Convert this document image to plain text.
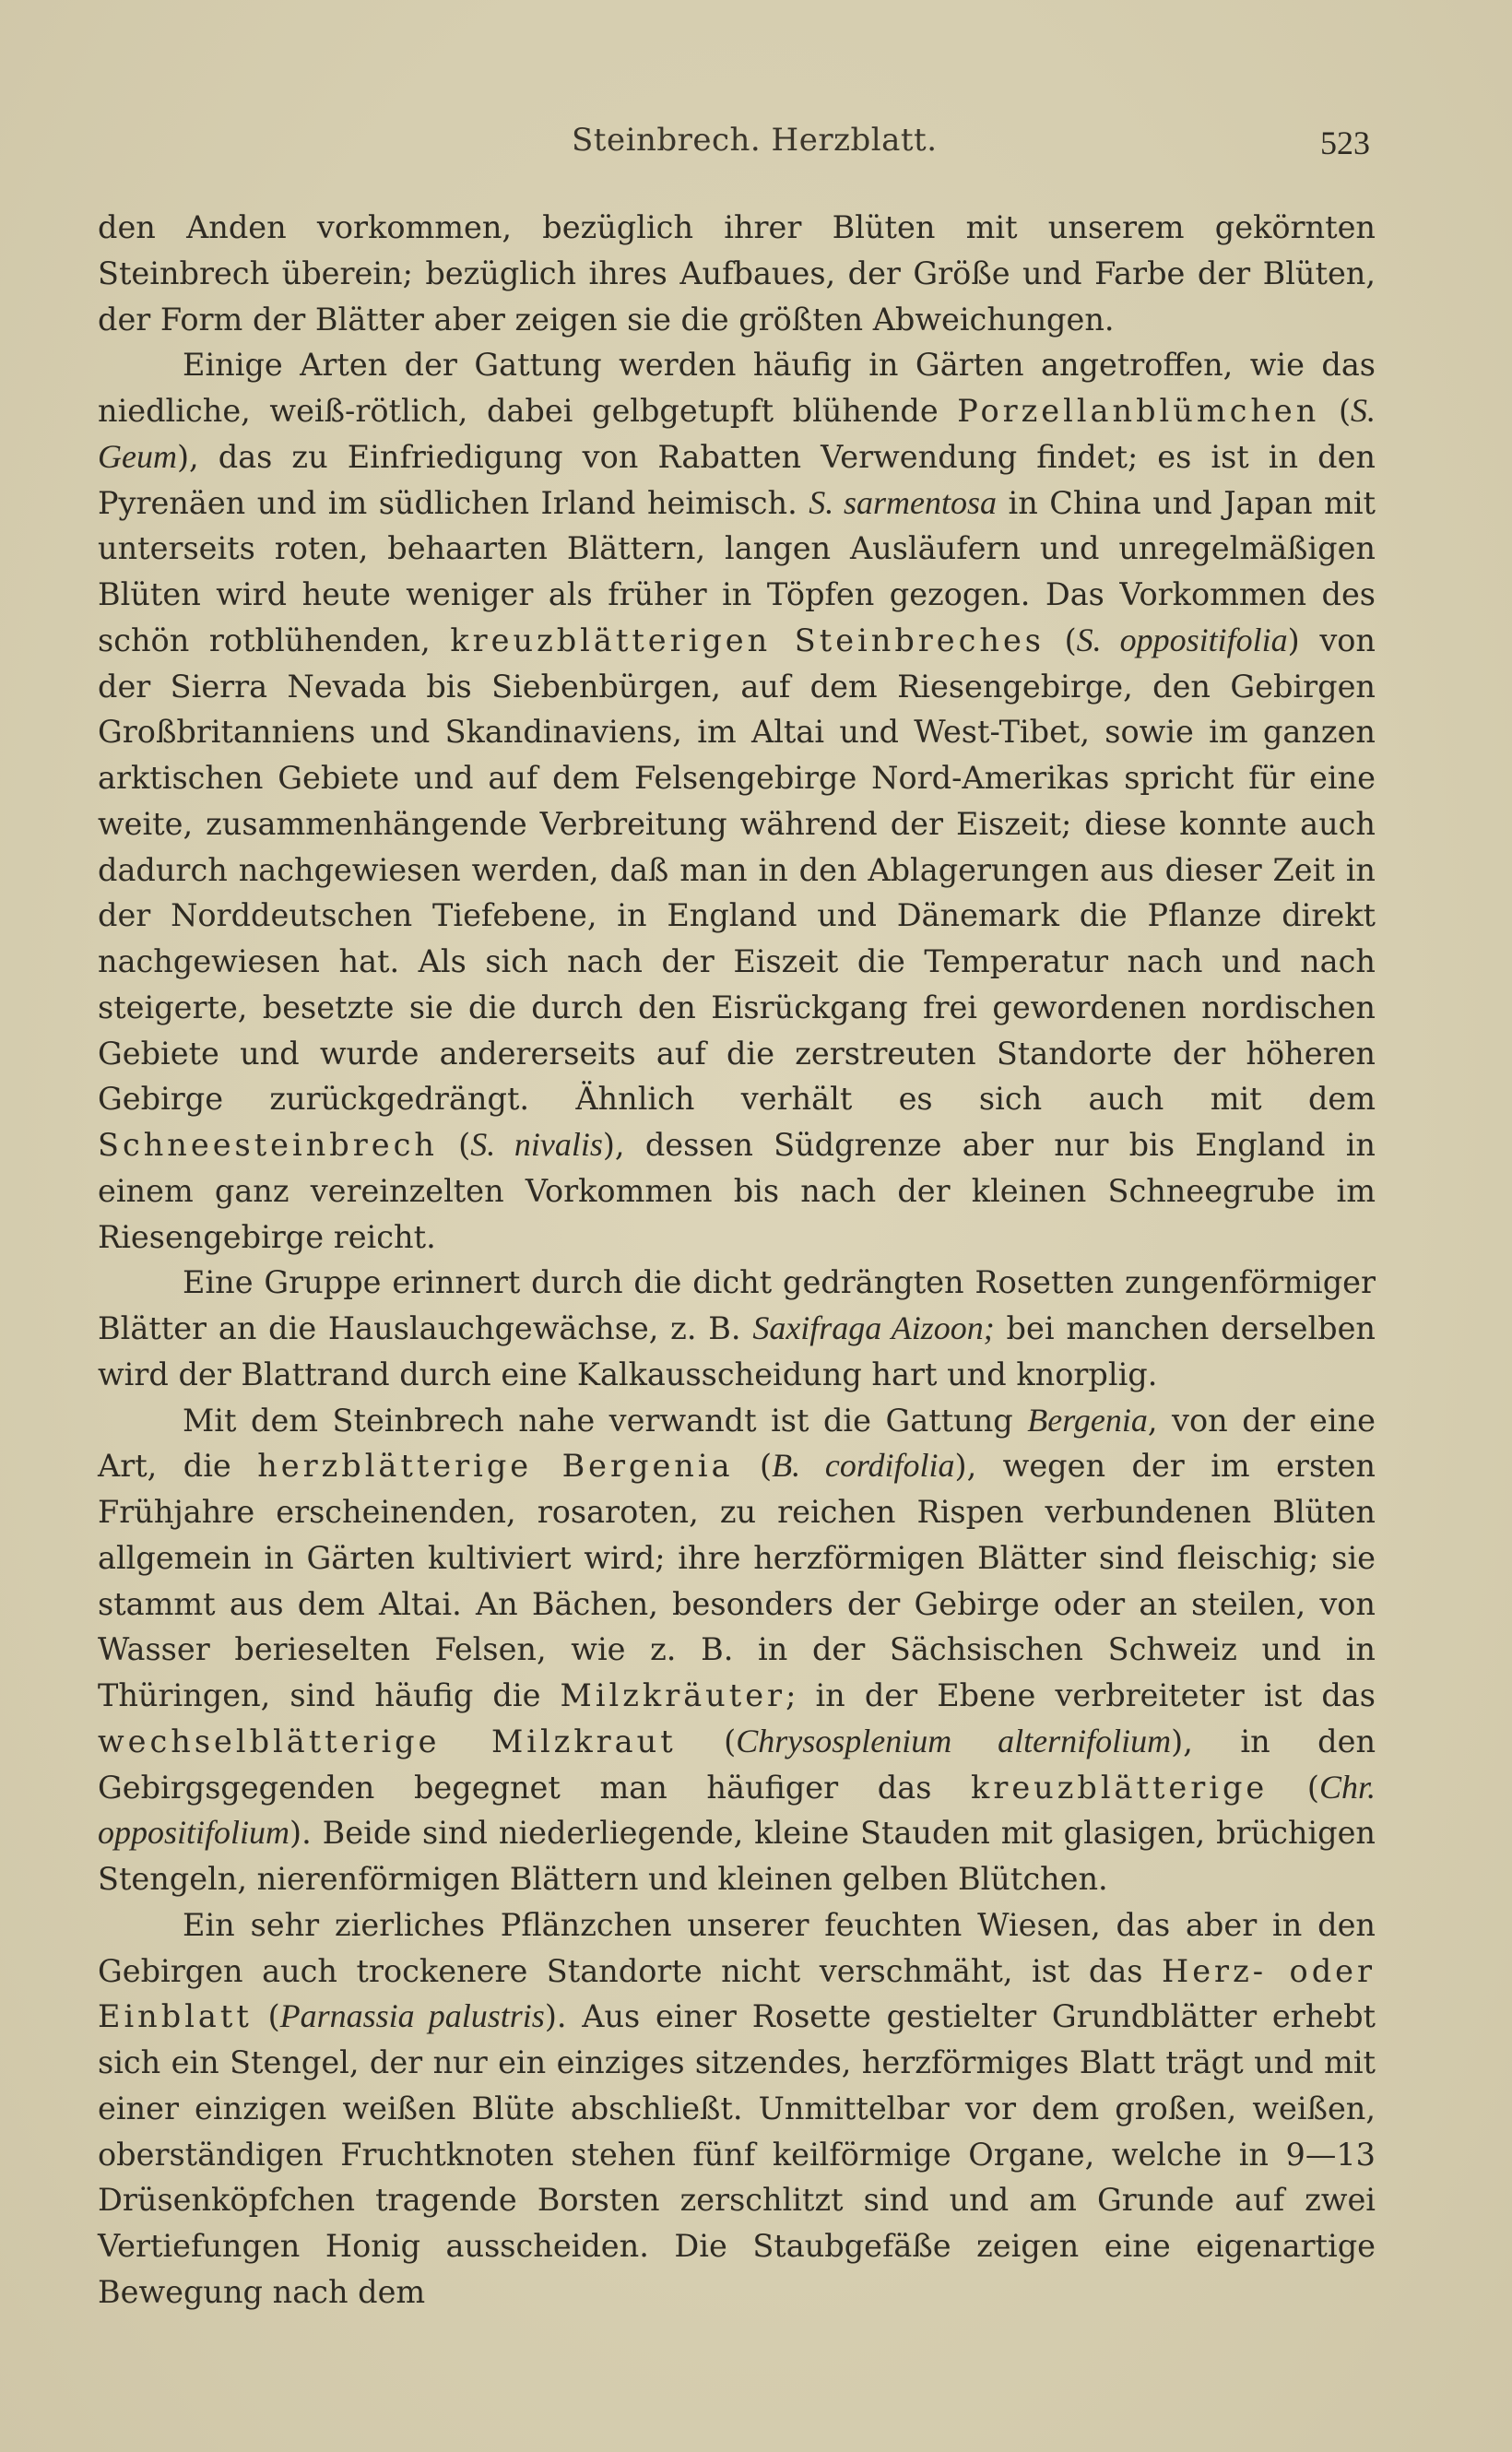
Steinbrech. Herzblatt.	523

den Anden vorkommen, bezüglich ihrer Blüten mit unserem gekörnten Steinbrech überein; bezüglich ihres Aufbaues, der Größe und Farbe der Blüten, der Form der Blätter aber zeigen sie die größten Abweichungen.

Einige Arten der Gattung werden häufig in Gärten angetroffen, wie das niedliche, weiß-rötlich, dabei gelbgetupft blühende Porzellanblümchen (S. Geum), das zu Einfriedigung von Rabatten Verwendung findet; es ist in den Pyrenäen und im südlichen Irland heimisch. S. sarmentosa in China und Japan mit unterseits roten, behaarten Blättern, langen Ausläufern und unregelmäßigen Blüten wird heute weniger als früher in Töpfen gezogen. Das Vorkommen des schön rotblühenden, kreuzblätterigen Steinbreches (S. oppositifolia) von der Sierra Nevada bis Siebenbürgen, auf dem Riesengebirge, den Gebirgen Großbritanniens und Skandinaviens, im Altai und West-Tibet, sowie im ganzen arktischen Gebiete und auf dem Felsengebirge Nord-Amerikas spricht für eine weite, zusammenhängende Verbreitung während der Eiszeit; diese konnte auch dadurch nachgewiesen werden, daß man in den Ablagerungen aus dieser Zeit in der Norddeutschen Tiefebene, in England und Dänemark die Pflanze direkt nachgewiesen hat. Als sich nach der Eiszeit die Temperatur nach und nach steigerte, besetzte sie die durch den Eisrückgang frei gewordenen nordischen Gebiete und wurde andererseits auf die zerstreuten Standorte der höheren Gebirge zurückgedrängt. Ähnlich verhält es sich auch mit dem Schneesteinbrech (S. nivalis), dessen Südgrenze aber nur bis England in einem ganz vereinzelten Vorkommen bis nach der kleinen Schneegrube im Riesengebirge reicht.

Eine Gruppe erinnert durch die dicht gedrängten Rosetten zungenförmiger Blätter an die Hauslauchgewächse, z. B. Saxifraga Aizoon; bei manchen derselben wird der Blattrand durch eine Kalkausscheidung hart und knorplig.

Mit dem Steinbrech nahe verwandt ist die Gattung Bergenia, von der eine Art, die herzblätterige Bergenia (B. cordifolia), wegen der im ersten Frühjahre erscheinenden, rosaroten, zu reichen Rispen verbundenen Blüten allgemein in Gärten kultiviert wird; ihre herzförmigen Blätter sind fleischig; sie stammt aus dem Altai. An Bächen, besonders der Gebirge oder an steilen, von Wasser berieselten Felsen, wie z. B. in der Sächsischen Schweiz und in Thüringen, sind häufig die Milzkräuter; in der Ebene verbreiteter ist das wechselblätterige Milzkraut (Chrysosplenium alternifolium), in den Gebirgsgegenden begegnet man häufiger das kreuzblätterige (Chr. oppositifolium). Beide sind niederliegende, kleine Stauden mit glasigen, brüchigen Stengeln, nierenförmigen Blättern und kleinen gelben Blütchen.

Ein sehr zierliches Pflänzchen unserer feuchten Wiesen, das aber in den Gebirgen auch trockenere Standorte nicht verschmäht, ist das Herz- oder Einblatt (Parnassia palustris). Aus einer Rosette gestielter Grundblätter erhebt sich ein Stengel, der nur ein einziges sitzendes, herzförmiges Blatt trägt und mit einer einzigen weißen Blüte abschließt. Unmittelbar vor dem großen, weißen, oberständigen Fruchtknoten stehen fünf keilförmige Organe, welche in 9—13 Drüsenköpfchen tragende Borsten zerschlitzt sind und am Grunde auf zwei Vertiefungen Honig ausscheiden. Die Staubgefäße zeigen eine eigenartige Bewegung nach dem
